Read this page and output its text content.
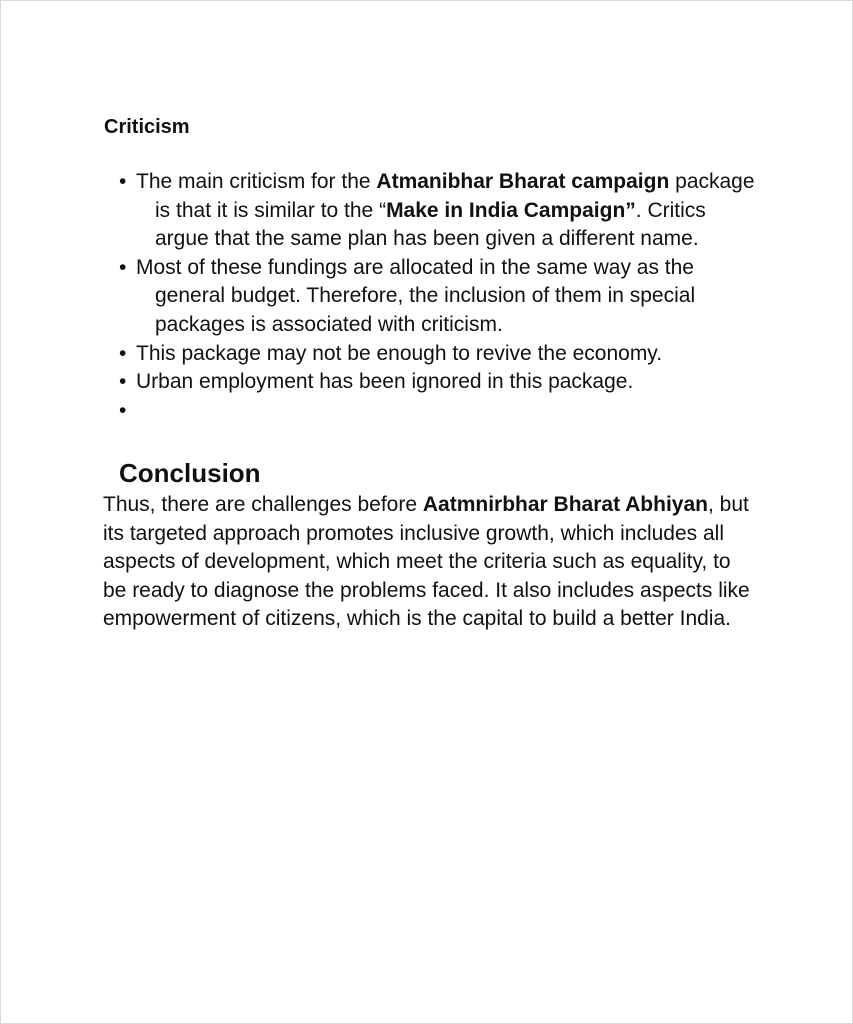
Criticism
• The main criticism for the Atmanibhar Bharat campaign package is that it is similar to the “Make in India Campaign”. Critics argue that the same plan has been given a different name.
• Most of these fundings are allocated in the same way as the general budget. Therefore, the inclusion of them in special packages is associated with criticism.
• This package may not be enough to revive the economy.
• Urban employment has been ignored in this package.
•
Conclusion

Thus, there are challenges before Aatmnirbhar Bharat Abhiyan, but its targeted approach promotes inclusive growth, which includes all aspects of development, which meet the criteria such as equality, to be ready to diagnose the problems faced. It also includes aspects like empowerment of citizens, which is the capital to build a better India.
